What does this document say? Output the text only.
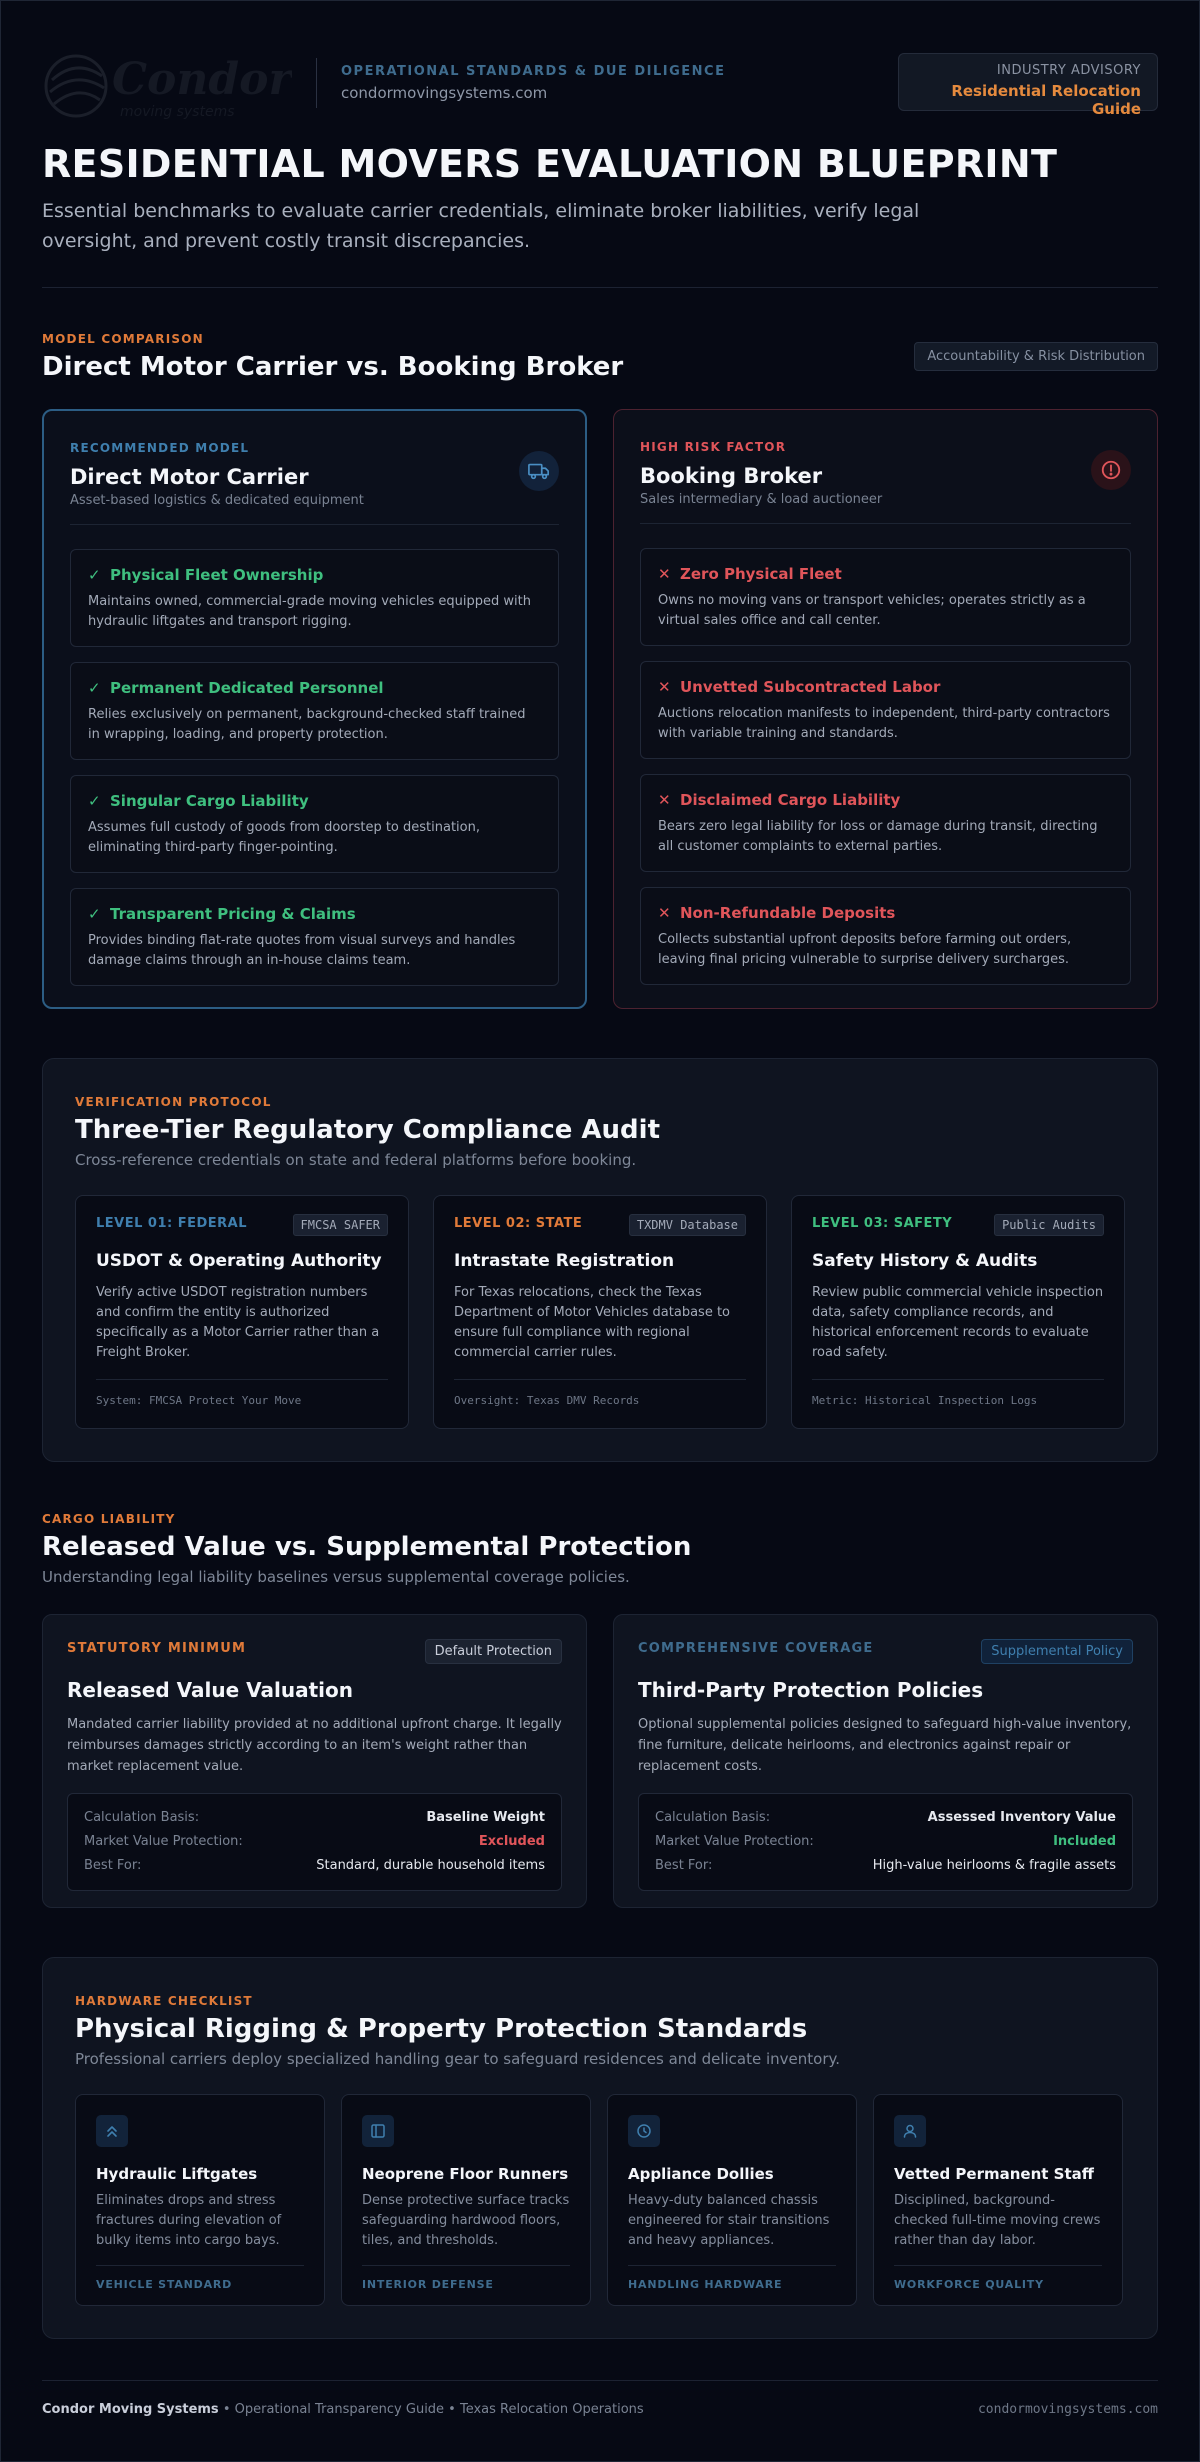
Condor
moving systems
OPERATIONAL STANDARDS & DUE DILIGENCE
condormovingsystems.com
INDUSTRY ADVISORY
Residential Relocation Guide
RESIDENTIAL MOVERS EVALUATION BLUEPRINT
Essential benchmarks to evaluate carrier credentials, eliminate broker liabilities, verify legal oversight, and prevent costly transit discrepancies.
MODEL COMPARISON
Direct Motor Carrier vs. Booking Broker	Accountability & Risk Distribution
RECOMMENDED MODEL
Direct Motor Carrier
Asset-based logistics & dedicated equipment
✓ Physical Fleet Ownership
Maintains owned, commercial-grade moving vehicles equipped with hydraulic liftgates and transport rigging.
✓ Permanent Dedicated Personnel
Relies exclusively on permanent, background-checked staff trained in wrapping, loading, and property protection.
✓ Singular Cargo Liability
Assumes full custody of goods from doorstep to destination, eliminating third-party finger-pointing.
✓ Transparent Pricing & Claims
Provides binding flat-rate quotes from visual surveys and handles damage claims through an in-house claims team.
HIGH RISK FACTOR
Booking Broker
Sales intermediary & load auctioneer
✕ Zero Physical Fleet
Owns no moving vans or transport vehicles; operates strictly as a virtual sales office and call center.
✕ Unvetted Subcontracted Labor
Auctions relocation manifests to independent, third-party contractors with variable training and standards.
✕ Disclaimed Cargo Liability
Bears zero legal liability for loss or damage during transit, directing all customer complaints to external parties.
✕ Non-Refundable Deposits
Collects substantial upfront deposits before farming out orders, leaving final pricing vulnerable to surprise delivery surcharges.
VERIFICATION PROTOCOL
Three-Tier Regulatory Compliance Audit
Cross-reference credentials on state and federal platforms before booking.
LEVEL 01: FEDERAL	FMCSA SAFER
USDOT & Operating Authority
Verify active USDOT registration numbers and confirm the entity is authorized specifically as a Motor Carrier rather than a Freight Broker.
System: FMCSA Protect Your Move
LEVEL 02: STATE	TXDMV Database
Intrastate Registration
For Texas relocations, check the Texas Department of Motor Vehicles database to ensure full compliance with regional commercial carrier rules.
Oversight: Texas DMV Records
LEVEL 03: SAFETY	Public Audits
Safety History & Audits
Review public commercial vehicle inspection data, safety compliance records, and historical enforcement records to evaluate road safety.
Metric: Historical Inspection Logs
CARGO LIABILITY
Released Value vs. Supplemental Protection
Understanding legal liability baselines versus supplemental coverage policies.
STATUTORY MINIMUM	Default Protection
Released Value Valuation
Mandated carrier liability provided at no additional upfront charge. It legally reimburses damages strictly according to an item's weight rather than market replacement value.
Calculation Basis:	Baseline Weight
Market Value Protection:	Excluded
Best For:	Standard, durable household items
COMPREHENSIVE COVERAGE	Supplemental Policy
Third-Party Protection Policies
Optional supplemental policies designed to safeguard high-value inventory, fine furniture, delicate heirlooms, and electronics against repair or replacement costs.
Calculation Basis:	Assessed Inventory Value
Market Value Protection:	Included
Best For:	High-value heirlooms & fragile assets
HARDWARE CHECKLIST
Physical Rigging & Property Protection Standards
Professional carriers deploy specialized handling gear to safeguard residences and delicate inventory.
Hydraulic Liftgates
Eliminates drops and stress fractures during elevation of bulky items into cargo bays.
VEHICLE STANDARD
Neoprene Floor Runners
Dense protective surface tracks safeguarding hardwood floors, tiles, and thresholds.
INTERIOR DEFENSE
Appliance Dollies
Heavy-duty balanced chassis engineered for stair transitions and heavy appliances.
HANDLING HARDWARE
Vetted Permanent Staff
Disciplined, background-checked full-time moving crews rather than day labor.
WORKFORCE QUALITY
Condor Moving Systems • Operational Transparency Guide • Texas Relocation Operations	condormovingsystems.com
